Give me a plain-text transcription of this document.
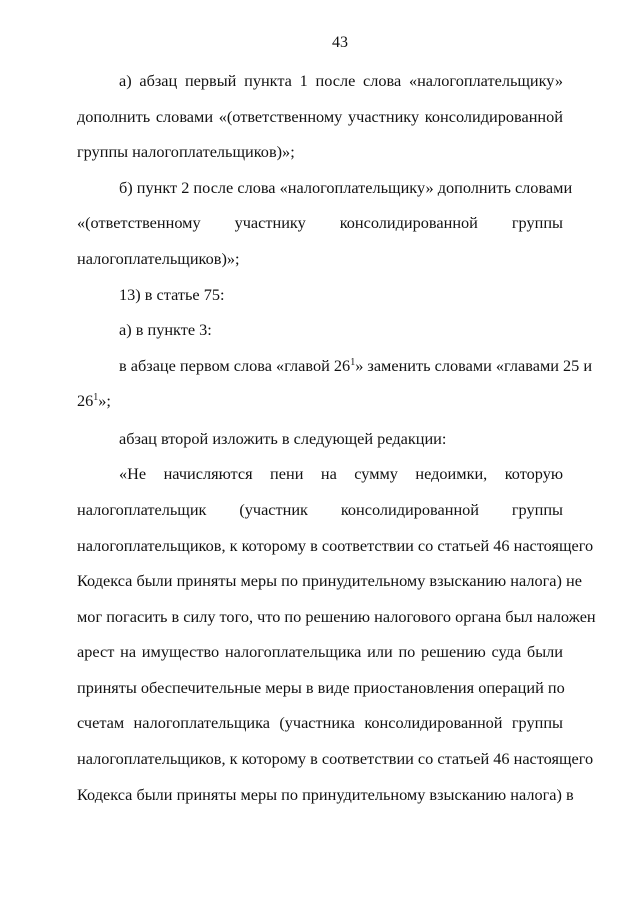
43
а) абзац первый пункта 1 после слова «налогоплательщику»
дополнить словами «(ответственному участнику консолидированной
группы налогоплательщиков)»;
б) пункт 2 после слова «налогоплательщику» дополнить словами
«(ответственному участнику консолидированной группы
налогоплательщиков)»;
13) в статье 75:
а) в пункте 3:
в абзаце первом слова «главой $26^1$» заменить словами «главами 25 и
$26^1$»;
абзац второй изложить в следующей редакции:
«Не начисляются пени на сумму недоимки, которую
налогоплательщик (участник консолидированной группы
налогоплательщиков, к которому в соответствии со статьей 46 настоящего
Кодекса были приняты меры по принудительному взысканию налога) не
мог погасить в силу того, что по решению налогового органа был наложен
арест на имущество налогоплательщика или по решению суда были
приняты обеспечительные меры в виде приостановления операций по
счетам налогоплательщика (участника консолидированной группы
налогоплательщиков, к которому в соответствии со статьей 46 настоящего
Кодекса были приняты меры по принудительному взысканию налога) в
